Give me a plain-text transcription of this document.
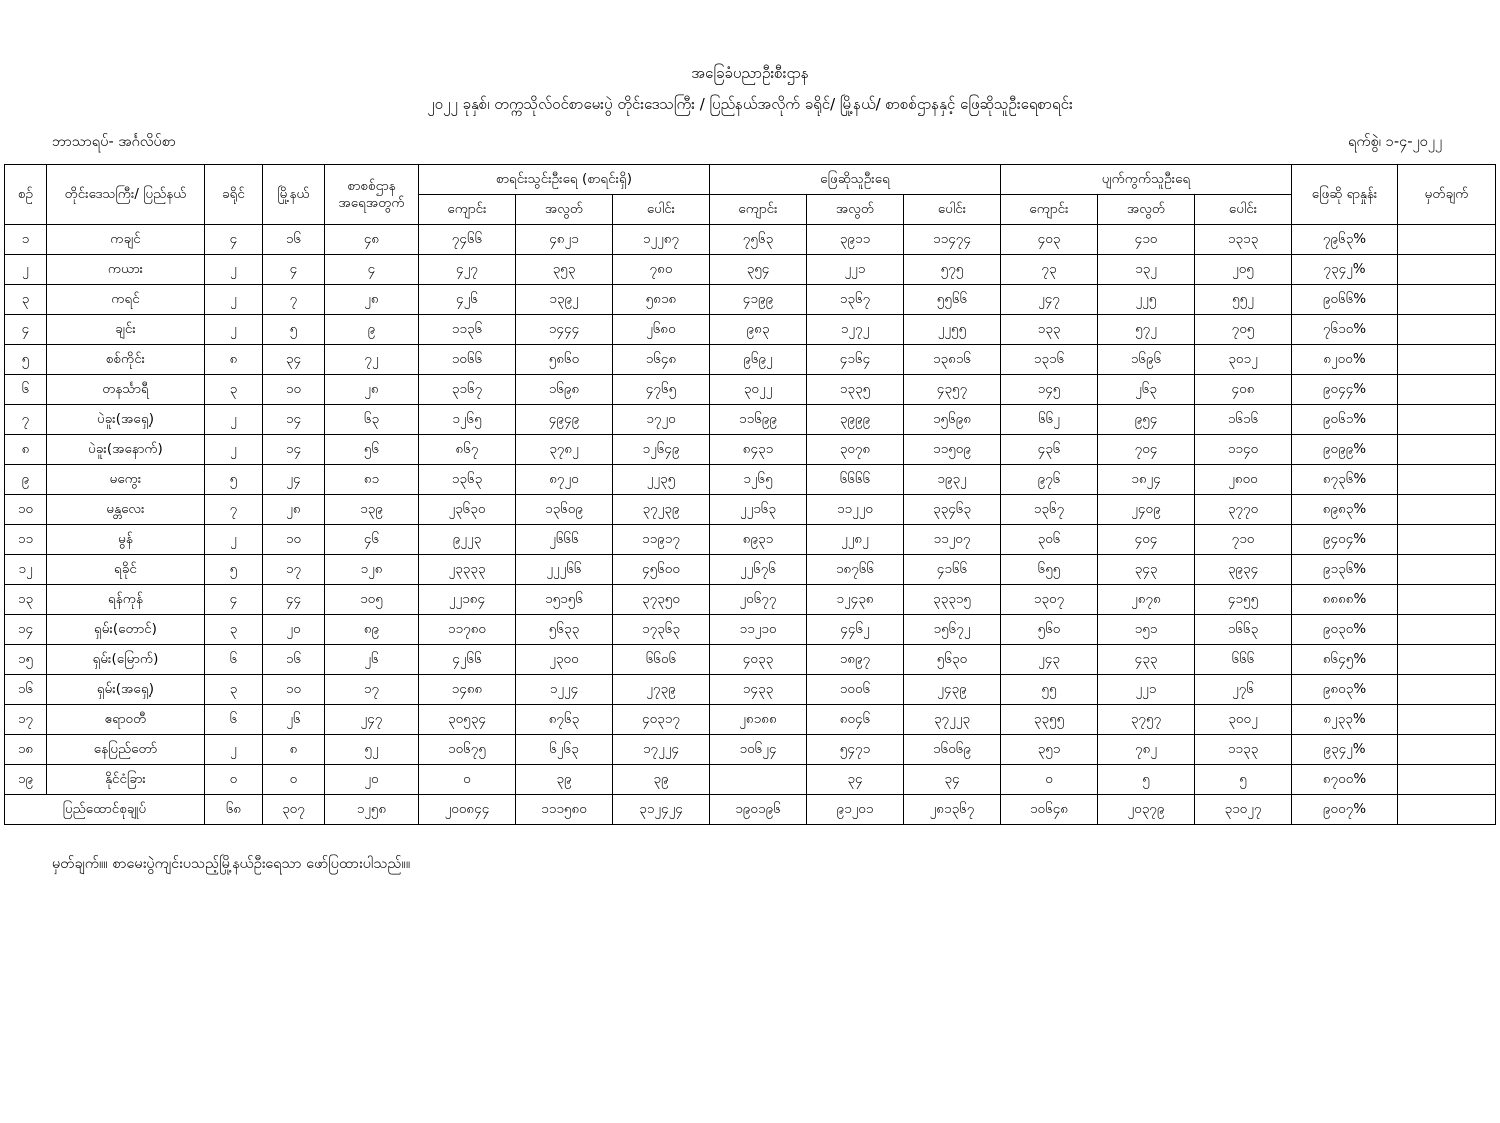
အခြေခံပညာဦးစီးဌာန
၂၀၂၂ ခုနှစ်၊ တက္ကသိုလ်ဝင်စာမေးပွဲ တိုင်းဒေသကြီး / ပြည်နယ်အလိုက် ခရိုင်/ မြို့နယ်/ စာစစ်ဌာနနှင့် ဖြေဆိုသူဦးရေစာရင်း
ဘာသာရပ်- အင်္ဂလိပ်စာ	ရက်စွဲ၊ ၁-၄-၂၀၂၂
စဉ်	တိုင်းဒေသကြီး/ ပြည်နယ်	ခရိုင်	မြို့နယ်	စာစစ်ဌာန အရေအတွက်	စာရင်းသွင်းဦးရေ (စာရင်းရှိ)			ဖြေဆိုသူဦးရေ			ပျက်ကွက်သူဦးရေ			ဖြေဆို ရာနှုန်း	မှတ်ချက်
					ကျောင်း	အလွတ်	ပေါင်း	ကျောင်း	အလွတ်	ပေါင်း	ကျောင်း	အလွတ်	ပေါင်း		
၁	ကချင်	၄	၁၆	၄၈	၇၄၆၆	၄၈၂၁	၁၂၂၈၇	၇၅၆၃	၃၉၁၁	၁၁၄၇၄	၄၀၃	၄၁၀	၁၃၁၃	၇၉၆၃%	
၂	ကယား	၂	၄	၄	၄၂၇	၃၅၃	၇၈၀	၃၅၄	၂၂၁	၅၇၅	၇၃	၁၃၂	၂၀၅	၇၃၄၂%	
၃	ကရင်	၂	၇	၂၈	၄၂၆	၁၃၉၂	၅၈၁၈	၄၁၉၉	၁၃၆၇	၅၅၆၆	၂၄၇	၂၂၅	၅၅၂	၉၀၆၆%	
၄	ချင်း	၂	၅	၉	၁၁၃၆	၁၄၄၄	၂၆၈၀	၉၈၃	၁၂၇၂	၂၂၅၅	၁၃၃	၅၇၂	၇၀၅	၇၆၁၀%	
၅	စစ်ကိုင်း	၈	၃၄	၇၂	၁၀၆၆	၅၈၆၀	၁၆၄၈	၉၆၉၂	၄၁၆၄	၁၃၈၁၆	၁၃၁၆	၁၆၉၆	၃၀၁၂	၈၂၀၀%	
၆	တနင်္သာရီ	၃	၁၀	၂၈	၃၁၆၇	၁၆၉၈	၄၇၆၅	၃၀၂၂	၁၃၃၅	၄၃၅၇	၁၄၅	၂၆၃	၄၀၈	၉၀၄၄%	
၇	ပဲခူး(အရှေ့)	၂	၁၄	၆၃	၁၂၆၅	၄၉၄၉	၁၇၂၀	၁၁၆၉၉	၃၉၉၉	၁၅၆၉၈	၆၆၂	၉၅၄	၁၆၁၆	၉၀၆၁%	
၈	ပဲခူး(အနောက်)	၂	၁၄	၅၆	၈၆၇	၃၇၈၂	၁၂၆၄၉	၈၄၃၁	၃၀၇၈	၁၁၅၀၉	၄၃၆	၇၀၄	၁၁၄၀	၉၀၉၉%	
၉	မကွေး	၅	၂၄	၈၁	၁၃၆၃	၈၇၂၀	၂၂၃၅	၁၂၆၅	၆၆၆၆	၁၉၃၂	၉၇၆	၁၈၂၄	၂၈၀၀	၈၇၃၆%	
၁၀	မန္တလေး	၇	၂၈	၁၃၉	၂၃၆၃၀	၁၃၆၀၉	၃၇၂၃၉	၂၂၁၆၃	၁၁၂၂၀	၃၃၄၆၃	၁၃၆၇	၂၄၀၉	၃၇၇၀	၈၉၈၃%	
၁၁	မွန်	၂	၁၀	၄၆	၉၂၂၃	၂၆၆၆	၁၁၉၁၇	၈၉၃၁	၂၂၈၂	၁၁၂၀၇	၃၀၆	၄၀၄	၇၁၀	၉၄၀၄%	
၁၂	ရခိုင်	၅	၁၇	၁၂၈	၂၃၃၃၃	၂၂၂၆၆	၄၅၆၀၀	၂၂၆၇၆	၁၈၇၆၆	၄၁၆၆	၆၅၅	၃၄၃	၃၉၃၄	၉၁၃၆%	
၁၃	ရန်ကုန်	၄	၄၄	၁၀၅	၂၂၁၈၄	၁၅၁၅၆	၃၇၃၅၀	၂၀၆၇၇	၁၂၄၃၈	၃၃၃၁၅	၁၃၀၇	၂၈၇၈	၄၁၅၅	၈၈၈၈%	
၁၄	ရှမ်း(တောင်)	၃	၂၀	၈၉	၁၁၇၈၀	၅၆၃၃	၁၇၃၆၃	၁၁၂၁၀	၄၄၆၂	၁၅၆၇၂	၅၆၀	၁၅၁	၁၆၆၃	၉၀၃၀%	
၁၅	ရှမ်း(မြောက်)	၆	၁၆	၂၆	၄၂၆၆	၂၃၀၀	၆၆၀၆	၄၀၃၃	၁၈၉၇	၅၆၃၀	၂၄၃	၄၃၃	၆၆၆	၈၆၄၅%	
၁၆	ရှမ်း(အရှေ့)	၃	၁၀	၁၇	၁၄၈၈	၁၂၂၄	၂၇၃၉	၁၄၃၃	၁၀၀၆	၂၄၃၉	၅၅	၂၂၁	၂၇၆	၉၈၀၃%	
၁၇	ဧရာဝတီ	၆	၂၆	၂၄၇	၃၀၅၃၄	၈၇၆၃	၄၀၃၁၇	၂၈၁၈၈	၈၀၄၆	၃၇၂၂၃	၃၃၅၅	၃၇၅၇	၃၀၀၂	၈၂၃၃%	
၁၈	နေပြည်တော်	၂	၈	၅၂	၁၀၆၇၅	၆၂၆၃	၁၇၂၂၄	၁၀၆၂၄	၅၄၇၁	၁၆၀၆၉	၃၅၁	၇၈၂	၁၁၃၃	၉၃၄၂%	
၁၉	နိုင်ငံခြား	၀	၀	၂၀	၀	၃၉	၃၉		၃၄	၃၄	၀	၅	၅	၈၇၀၀%	
ပြည်ထောင်စုချုပ်		၆၈	၃၀၇	၁၂၅၈	၂၀၀၈၄၄	၁၁၁၅၈၀	၃၁၂၄၂၄	၁၉၀၁၉၆	၉၁၂၀၁	၂၈၁၃၆၇	၁၀၆၄၈	၂၀၃၇၉	၃၁၀၂၇	၉၀၀၇%	
မှတ်ချက်။။ စာမေးပွဲကျင်းပသည့်မြို့နယ်ဦးရေသာ ဖော်ပြထားပါသည်။။
